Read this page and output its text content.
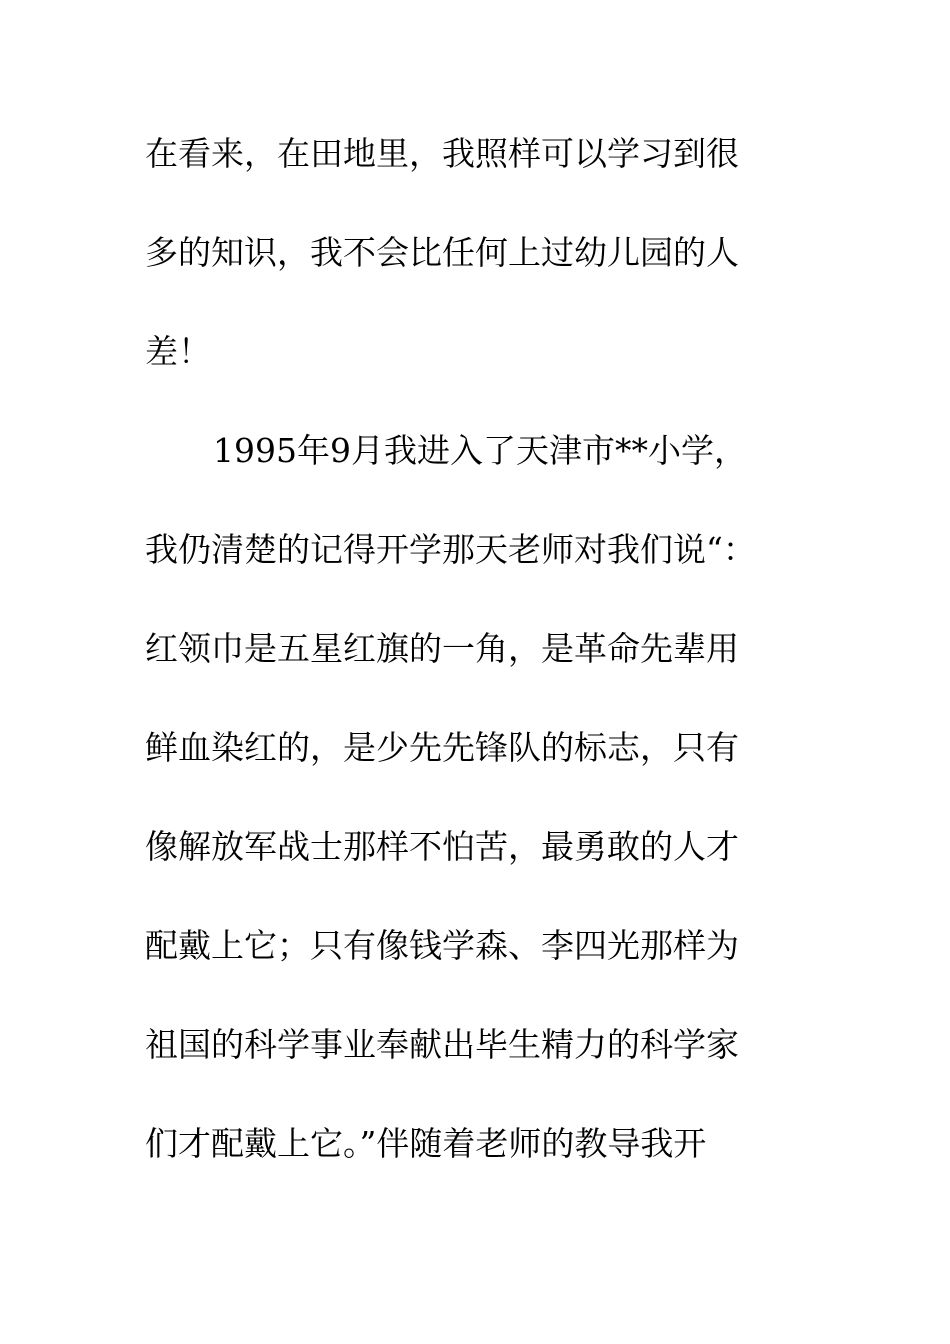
在看来，在田地里，我照样可以学习到很
多的知识，我不会比任何上过幼儿园的人
差！
1995年9月我进入了天津市**小学，
我仍清楚的记得开学那天老师对我们说“：
红领巾是五星红旗的一角，是革命先辈用
鲜血染红的，是少先先锋队的标志，只有
像解放军战士那样不怕苦，最勇敢的人才
配戴上它；只有像钱学森、李四光那样为
祖国的科学事业奉献出毕生精力的科学家
们才配戴上它。”伴随着老师的教导我开
